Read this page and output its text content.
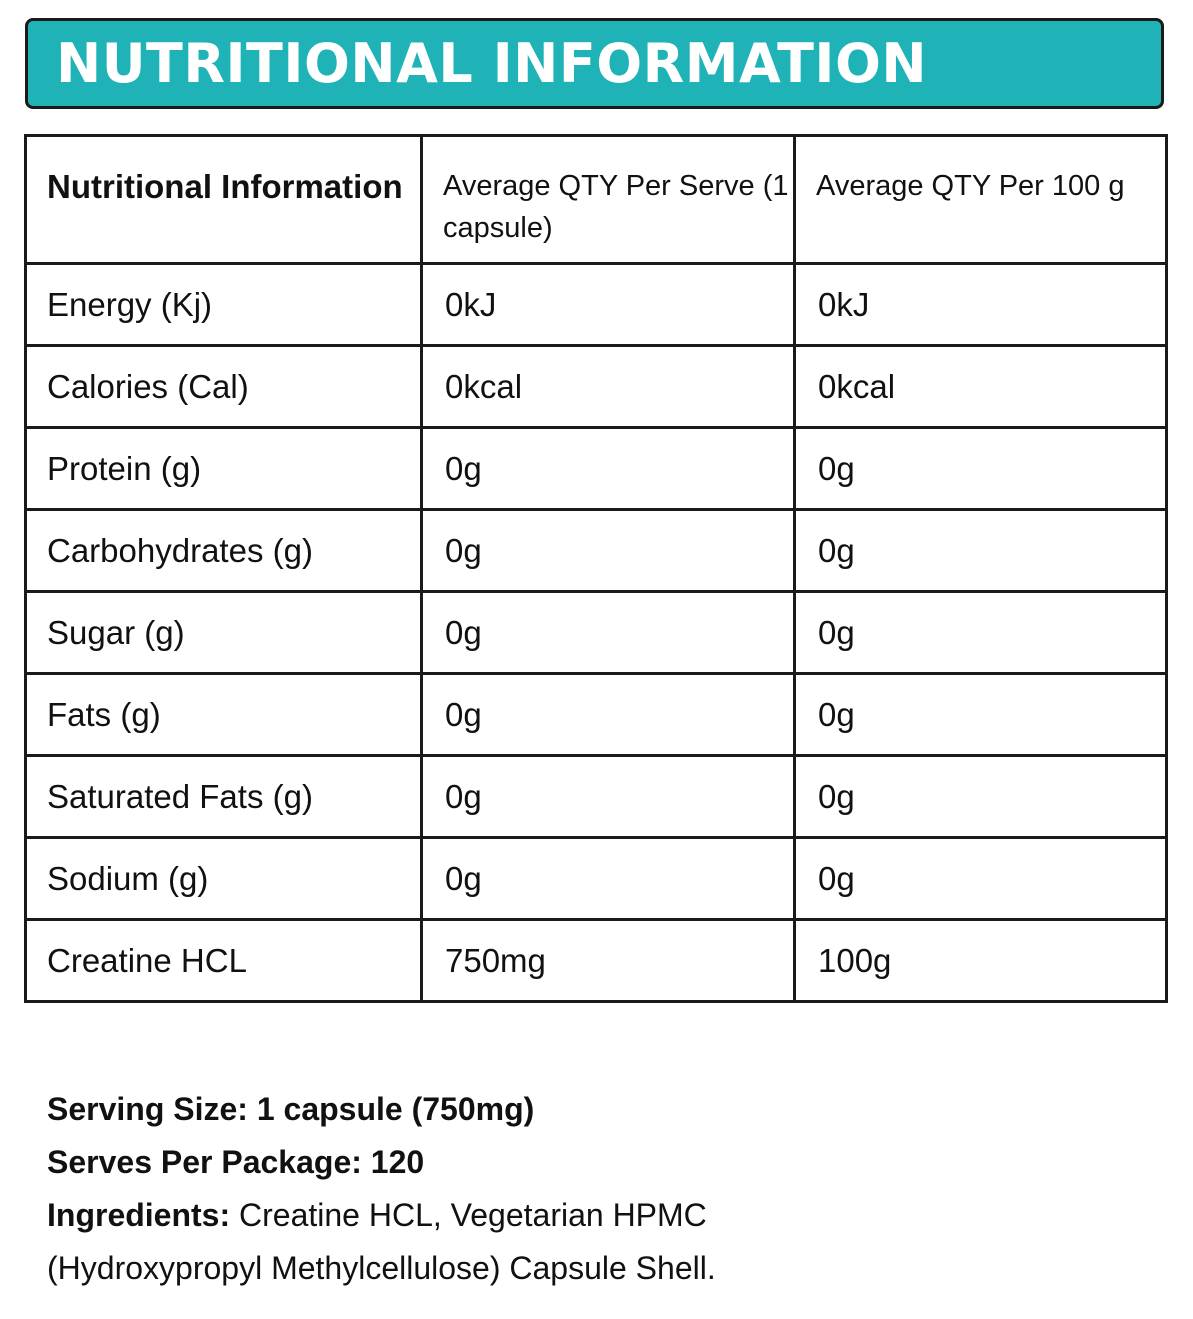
NUTRITIONAL INFORMATION
Nutritional Information	Average QTY Per Serve (1 capsule)	Average QTY Per 100 g
Energy (Kj)	0kJ	0kJ
Calories (Cal)	0kcal	0kcal
Protein (g)	0g	0g
Carbohydrates (g)	0g	0g
Sugar (g)	0g	0g
Fats (g)	0g	0g
Saturated Fats (g)	0g	0g
Sodium (g)	0g	0g
Creatine HCL	750mg	100g
Serving Size: 1 capsule (750mg)
Serves Per Package: 120
Ingredients: Creatine HCL, Vegetarian HPMC
(Hydroxypropyl Methylcellulose) Capsule Shell.
